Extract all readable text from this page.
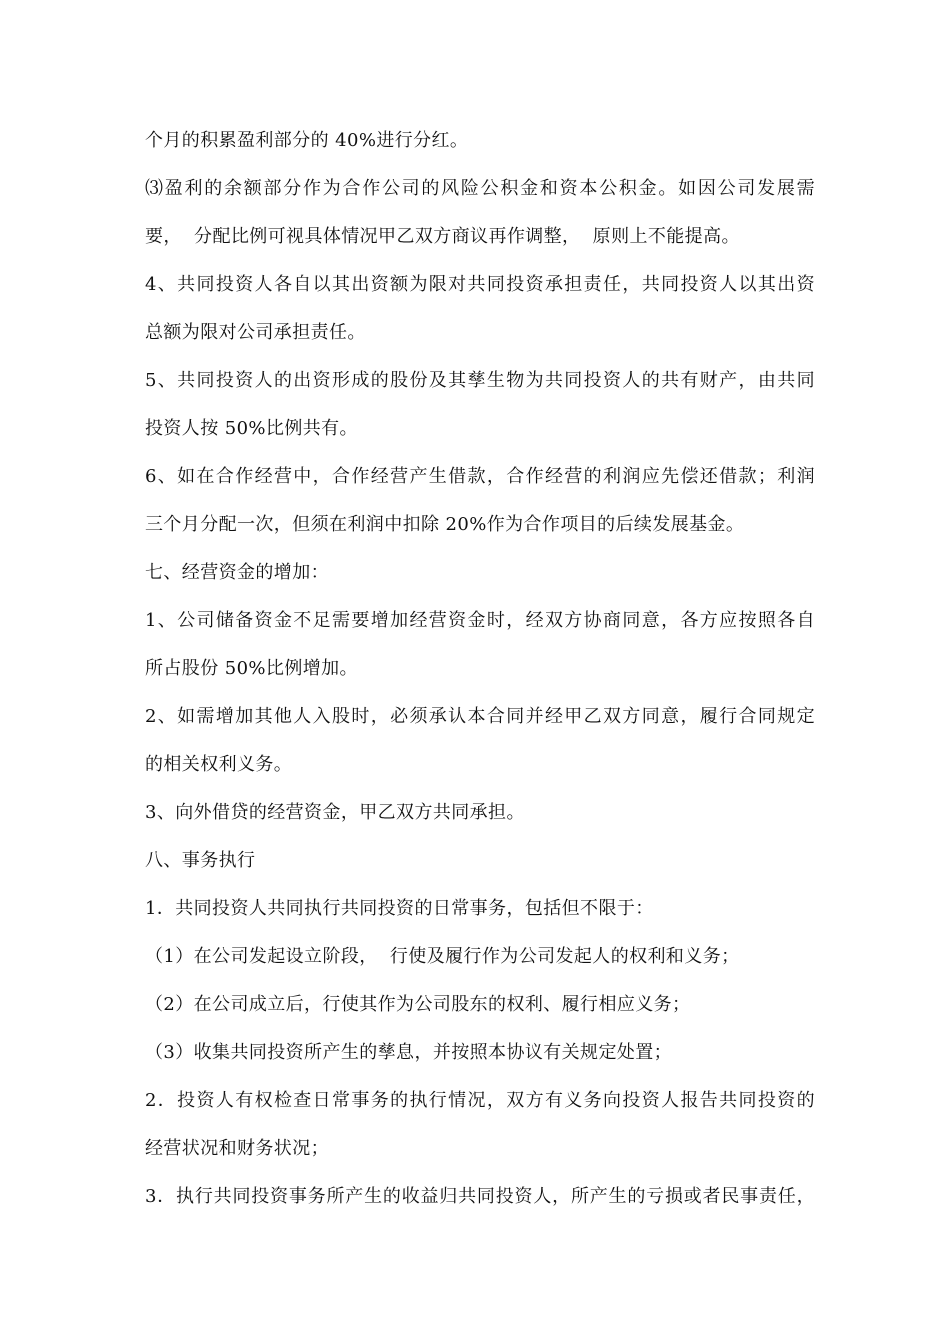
个月的积累盈利部分的 40%进行分红。
⑶盈利的余额部分作为合作公司的风险公积金和资本公积金。如因公司发展需
要，  分配比例可视具体情况甲乙双方商议再作调整，  原则上不能提高。
4、共同投资人各自以其出资额为限对共同投资承担责任，共同投资人以其出资
总额为限对公司承担责任。
5、共同投资人的出资形成的股份及其孳生物为共同投资人的共有财产，由共同
投资人按 50%比例共有。
6、如在合作经营中，合作经营产生借款，合作经营的利润应先偿还借款；利润
三个月分配一次，但须在利润中扣除 20%作为合作项目的后续发展基金。
七、经营资金的增加：
1、公司储备资金不足需要增加经营资金时，经双方协商同意，各方应按照各自
所占股份 50%比例增加。
2、如需增加其他人入股时，必须承认本合同并经甲乙双方同意，履行合同规定
的相关权利义务。
3、向外借贷的经营资金，甲乙双方共同承担。
八、事务执行
1．共同投资人共同执行共同投资的日常事务，包括但不限于：
（1）在公司发起设立阶段，  行使及履行作为公司发起人的权利和义务；
（2）在公司成立后，行使其作为公司股东的权利、履行相应义务；
（3）收集共同投资所产生的孳息，并按照本协议有关规定处置；
2．投资人有权检查日常事务的执行情况，双方有义务向投资人报告共同投资的
经营状况和财务状况；
3．执行共同投资事务所产生的收益归共同投资人，所产生的亏损或者民事责任，
